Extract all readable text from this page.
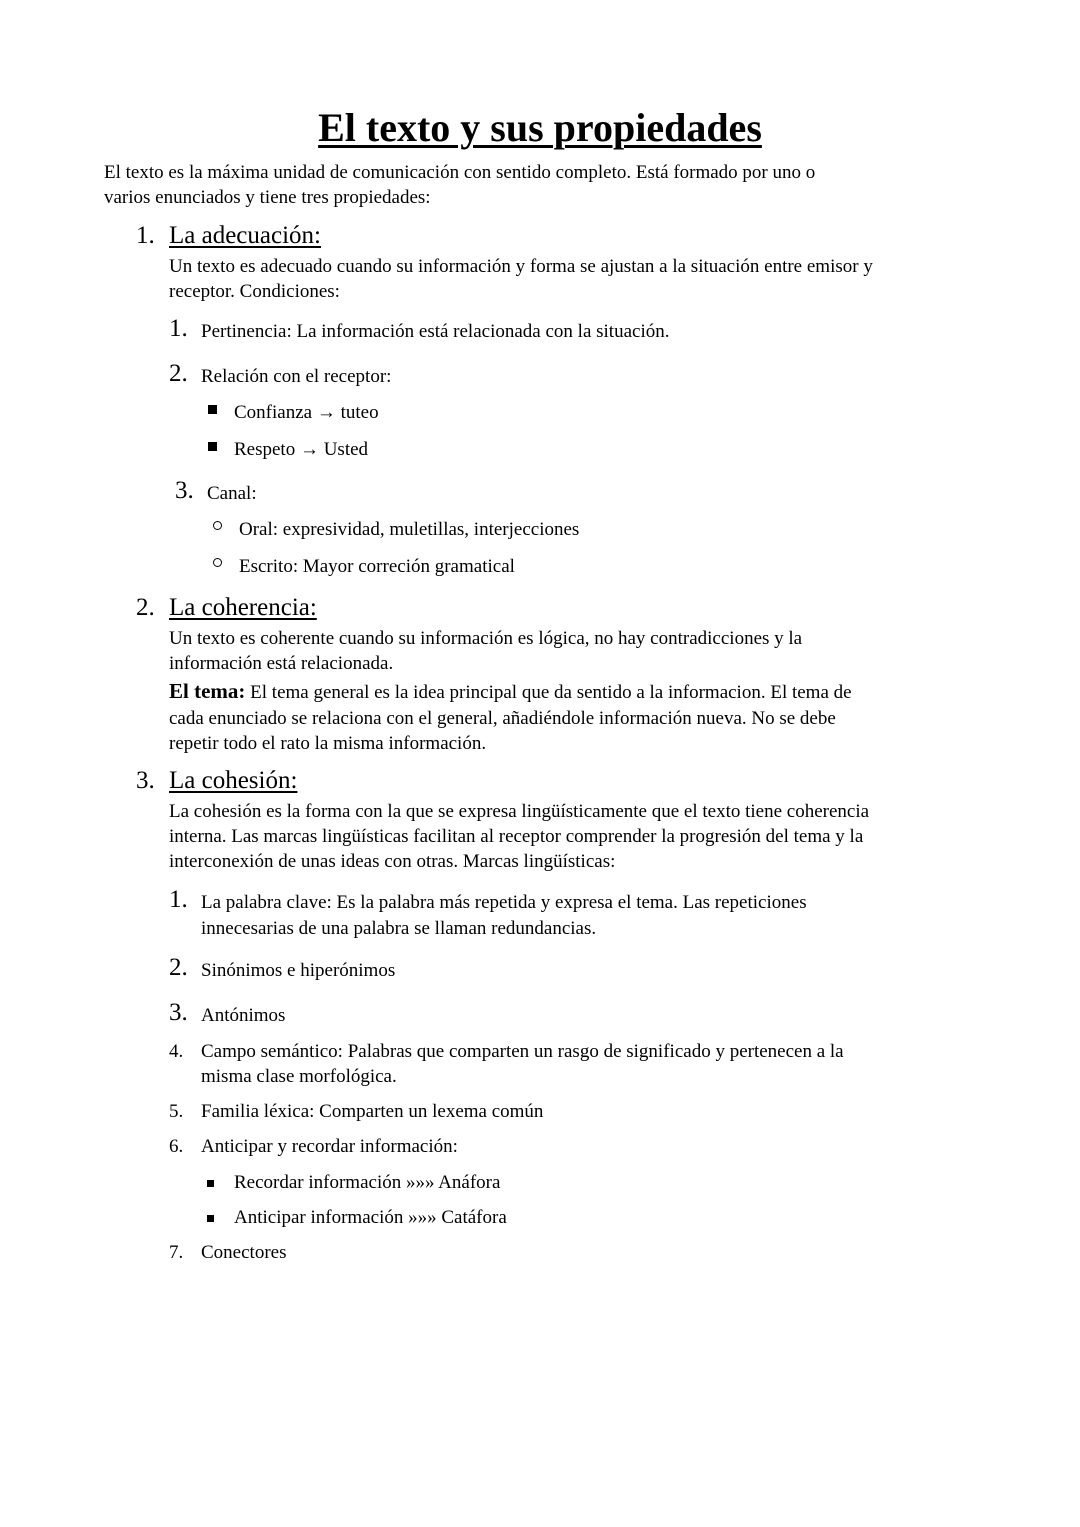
El texto y sus propiedades
El texto es la máxima unidad de comunicación con sentido completo. Está formado por uno o
varios enunciados y tiene tres propiedades:
1. La adecuación:
Un texto es adecuado cuando su información y forma se ajustan a la situación entre emisor y
receptor. Condiciones:
1. Pertinencia: La información está relacionada con la situación.
2. Relación con el receptor:
Confianza → tuteo
Respeto → Usted
3. Canal:
Oral: expresividad, muletillas, interjecciones
Escrito: Mayor correción gramatical
2. La coherencia:
Un texto es coherente cuando su información es lógica, no hay contradicciones y la
información está relacionada.
El tema: El tema general es la idea principal que da sentido a la informacion. El tema de
cada enunciado se relaciona con el general, añadiéndole información nueva. No se debe
repetir todo el rato la misma información.
3. La cohesión:
La cohesión es la forma con la que se expresa lingüísticamente que el texto tiene coherencia
interna. Las marcas lingüísticas facilitan al receptor comprender la progresión del tema y la
interconexión de unas ideas con otras. Marcas lingüísticas:
1. La palabra clave: Es la palabra más repetida y expresa el tema. Las repeticiones
innecesarias de una palabra se llaman redundancias.
2. Sinónimos e hiperónimos
3. Antónimos
4. Campo semántico: Palabras que comparten un rasgo de significado y pertenecen a la
misma clase morfológica.
5. Familia léxica: Comparten un lexema común
6. Anticipar y recordar información:
Recordar información »»» Anáfora
Anticipar información »»» Catáfora
7. Conectores
